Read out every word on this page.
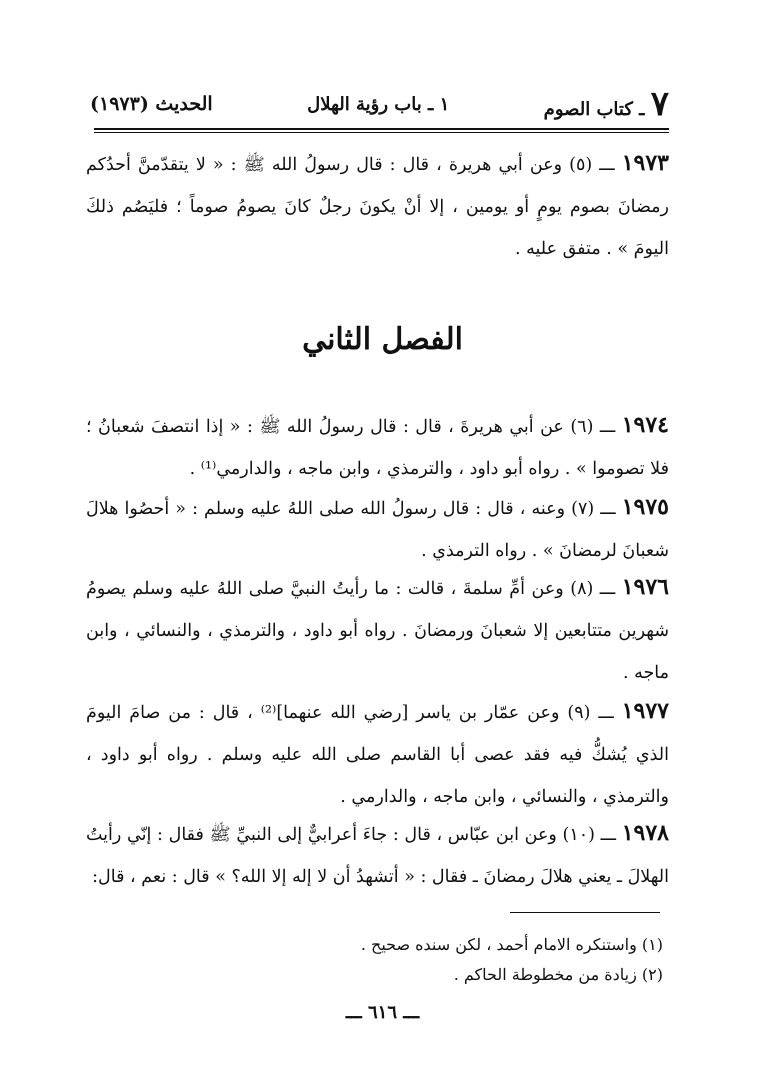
٧ ـ كتاب الصوم
١ ـ باب رؤية الهلال
الحديث (١٩٧٣)
١٩٧٣ ـــ (٥) وعن أبي هريرة ، قال : قال رسولُ الله ﷺ : « لا يتقدّمنَّ أحدُكم رمضانَ بصوم يومٍ أو يومين ، إلا أنْ يكونَ رجلٌ كانَ يصومُ صوماً ؛ فليَصُم ذلكَ اليومَ » . متفق عليه .
الفصل الثاني
١٩٧٤ ـــ (٦) عن أبي هريرةَ ، قال : قال رسولُ الله ﷺ : « إذا انتصفَ شعبانُ ؛ فلا تصوموا » . رواه أبو داود ، والترمذي ، وابن ماجه ، والدارمي⁽¹⁾ .
١٩٧٥ ـــ (٧) وعنه ، قال : قال رسولُ الله صلى اللهُ عليه وسلم : « أحصُوا هلالَ شعبانَ لرمضانَ » . رواه الترمذي .
١٩٧٦ ـــ (٨) وعن أمِّ سلمةَ ، قالت : ما رأيتُ النبيَّ صلى اللهُ عليه وسلم يصومُ شهرين متتابعين إلا شعبانَ ورمضانَ . رواه أبو داود ، والترمذي ، والنسائي ، وابن ماجه .
١٩٧٧ ـــ (٩) وعن عمّار بن ياسر [رضي الله عنهما]⁽²⁾ ، قال : من صامَ اليومَ الذي يُشكُّ فيه فقد عصى أبا القاسم صلى الله عليه وسلم . رواه أبو داود ، والترمذي ، والنسائي ، وابن ماجه ، والدارمي .
١٩٧٨ ـــ (١٠) وعن ابن عبّاس ، قال : جاءَ أعرابيٌّ إلى النبيِّ ﷺ فقال : إنّي رأيتُ الهلالَ ـ يعني هلالَ رمضانَ ـ فقال : « أتشهدُ أن لا إله إلا الله؟ » قال : نعم ، قال:
(١) واستنكره الامام أحمد ، لكن سنده صحيح .
(٢) زيادة من مخطوطة الحاكم .
ـــ ٦١٦ ـــ
